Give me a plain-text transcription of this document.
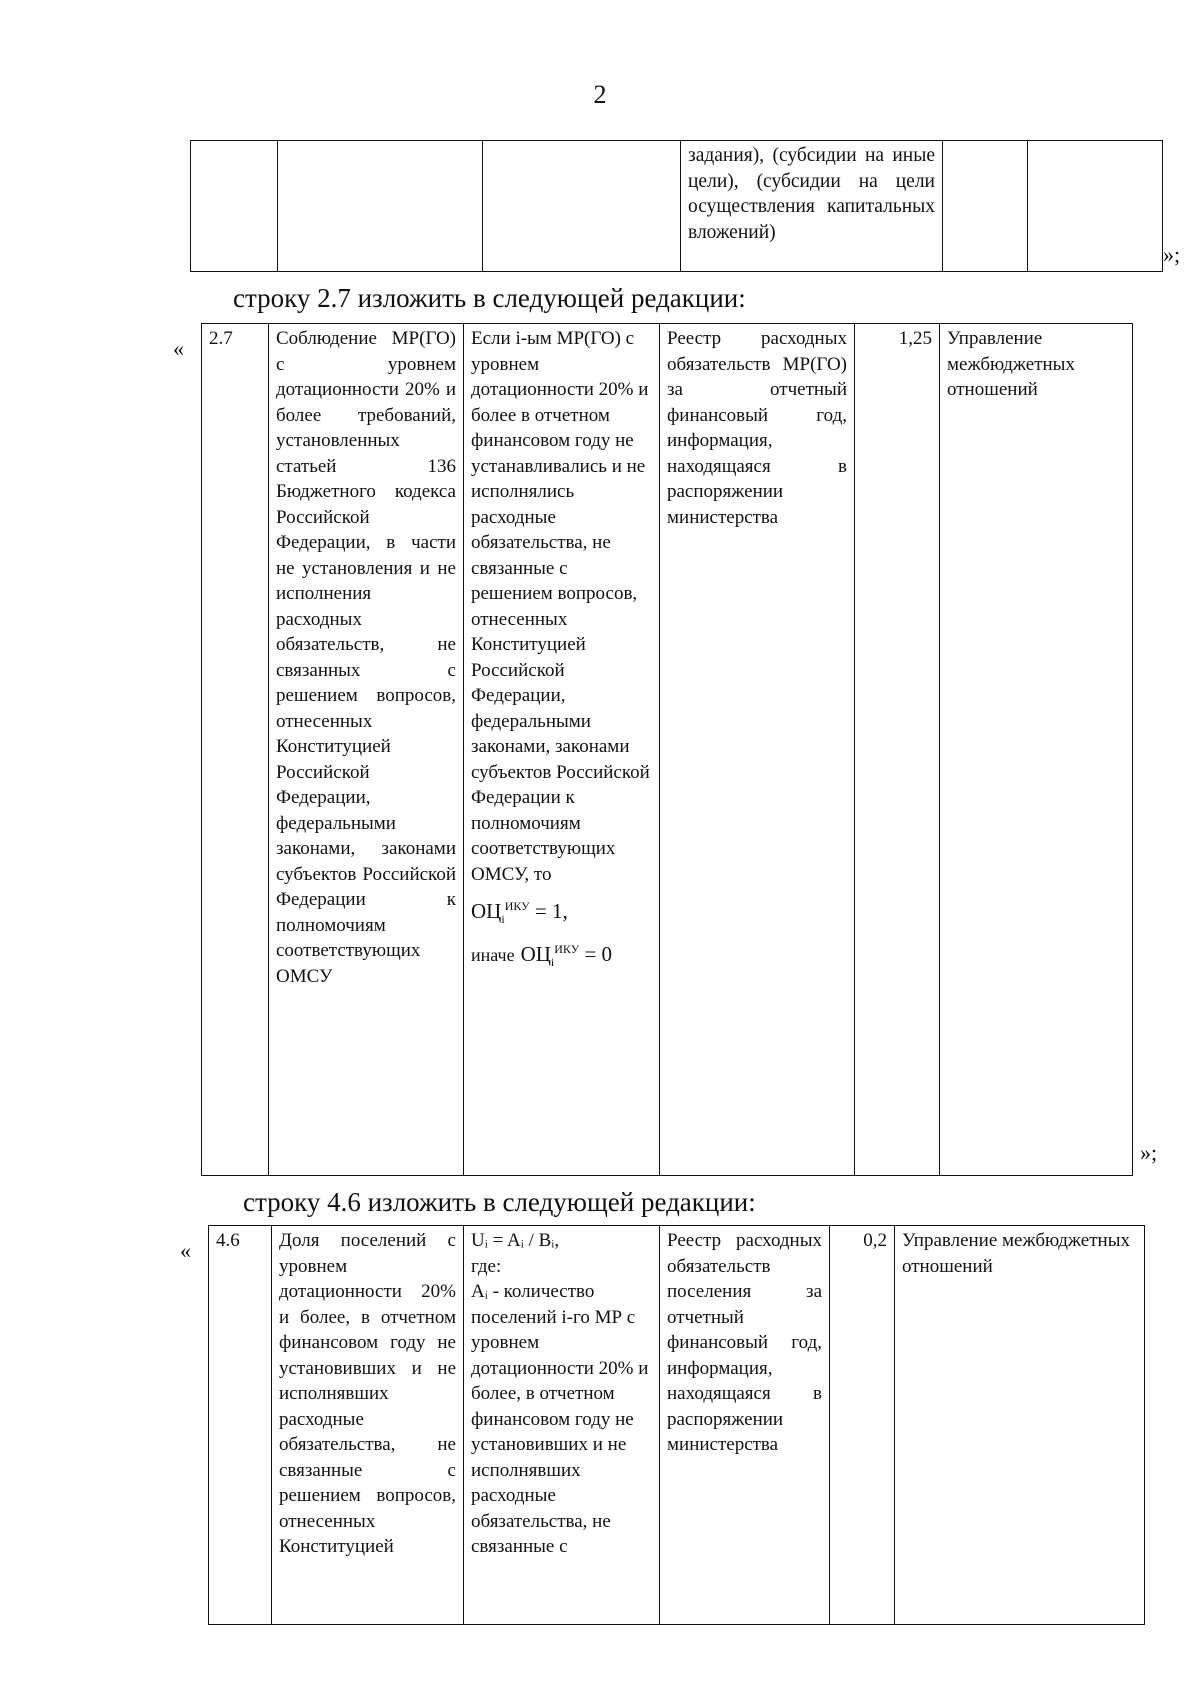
2
			задания), (субсидии на иные цели), (субсидии на цели осуществления капитальных вложений)		
»;
строку 2.7 изложить в следующей редакции:
« 2.7	Соблюдение МР(ГО) с уровнем дотационности 20% и более требований, установленных статьей 136 Бюджетного кодекса Российской Федерации, в части не установления и не исполнения расходных обязательств, не связанных с решением вопросов, отнесенных Конституцией Российской Федерации, федеральными законами, законами субъектов Российской Федерации к полномочиям соответствующих ОМСУ	Если i-ым МР(ГО) с уровнем дотационности 20% и более в отчетном финансовом году не устанавливались и не исполнялись расходные обязательства, не связанные с решением вопросов, отнесенных Конституцией Российской Федерации, федеральными законами, законами субъектов Российской Федерации к полномочиям соответствующих ОМСУ, то
$ОЦ_i^{ИКУ} = 1$,
иначе $ОЦ_i^{ИКУ} = 0$
	Реестр расходных обязательств МР(ГО) за отчетный финансовый год, информация, находящаяся в распоряжении министерства	1,25	Управление межбюджетных отношений
»;
строку 4.6 изложить в следующей редакции:
« 4.6	Доля поселений с уровнем дотационности 20% и более, в отчетном финансовом году не установивших и не исполнявших расходные обязательства, не связанные с решением вопросов, отнесенных Конституцией	Uᵢ = Aᵢ / Bᵢ,
где:
Aᵢ - количество поселений i-го МР с уровнем дотационности 20% и более, в отчетном финансовом году не установивших и не исполнявших расходные обязательства, не связанные с	Реестр расходных обязательств поселения за отчетный финансовый год, информация, находящаяся в распоряжении министерства	0,2	Управление межбюджетных отношений
